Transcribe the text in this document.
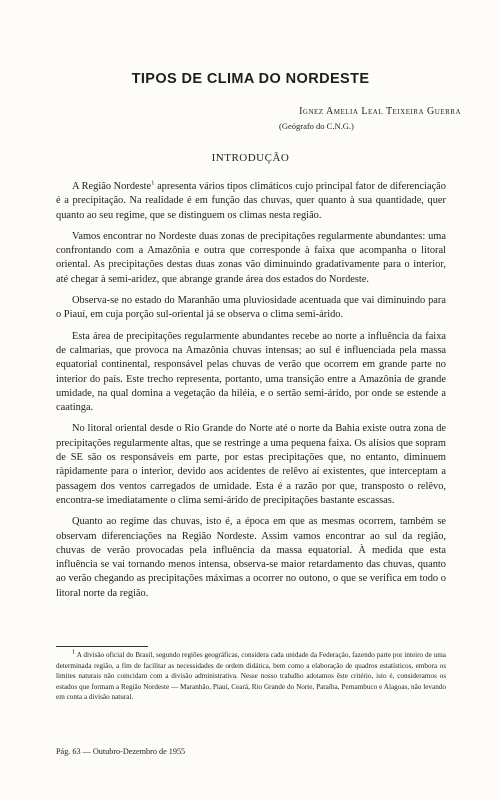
TIPOS DE CLIMA DO NORDESTE
Ignez Amelia Leal Teixeira Guerra
(Geógrafo do C.N.G.)
INTRODUÇÃO

A Região Nordeste$^1$ apresenta vários tipos climáticos cujo principal fator de diferenciação é a precipitação. Na realidade é em função das chuvas, quer quanto à sua quantidade, quer quanto ao seu regime, que se distinguem os climas nesta região.

Vamos encontrar no Nordeste duas zonas de precipitações regularmente abundantes: uma confrontando com a Amazônia e outra que corresponde à faixa que acompanha o litoral oriental. As precipitações destas duas zonas vão diminuindo gradativamente para o interior, até chegar à semi-aridez, que abrange grande área dos estados do Nordeste.

Observa-se no estado do Maranhão uma pluviosidade acentuada que vai diminuindo para o Piauí, em cuja porção sul-oriental já se observa o clima semi-árido.

Esta área de precipitações regularmente abundantes recebe ao norte a influência da faixa de calmarias, que provoca na Amazônia chuvas intensas; ao sul é influenciada pela massa equatorial continental, responsável pelas chuvas de verão que ocorrem em grande parte no interior do país. Este trecho representa, portanto, uma transição entre a Amazônia de grande umidade, na qual domina a vegetação da hiléia, e o sertão semi-árido, por onde se estende a caatinga.

No litoral oriental desde o Rio Grande do Norte até o norte da Bahia existe outra zona de precipitações regularmente altas, que se restringe a uma pequena faixa. Os alísios que sopram de SE são os responsáveis em parte, por estas precipitações que, no entanto, diminuem ràpidamente para o interior, devido aos acidentes de relêvo aí existentes, que interceptam a passagem dos ventos carregados de umidade. Esta é a razão por que, transposto o relêvo, encontra-se imediatamente o clima semi-árido de precipitações bastante escassas.

Quanto ao regime das chuvas, isto é, a época em que as mesmas ocorrem, também se observam diferenciações na Região Nordeste. Assim vamos encontrar ao sul da região, chuvas de verão provocadas pela influência da massa equatorial. À medida que esta influência se vai tornando menos intensa, observa-se maior retardamento das chuvas, quanto ao verão chegando as precipitações máximas a ocorrer no outono, o que se verifica em todo o litoral norte da região.

$^1$ A divisão oficial do Brasil, segundo regiões geográficas, considera cada unidade da Federação, fazendo parte por inteiro de uma determinada região, a fim de facilitar as necessidades de ordem didática, bem como a elaboração de quadros estatísticos, embora os limites naturais não coincidam com a divisão administrativa. Nesse nosso trabalho adotamos êste critério, isto é, consideramos os estados que formam a Região Nordeste — Maranhão, Piauí, Ceará, Rio Grande do Norte, Paraíba, Pernambuco e Alagoas, não levando em conta a divisão natural.

Pág. 63 — Outubro-Dezembro de 1955
